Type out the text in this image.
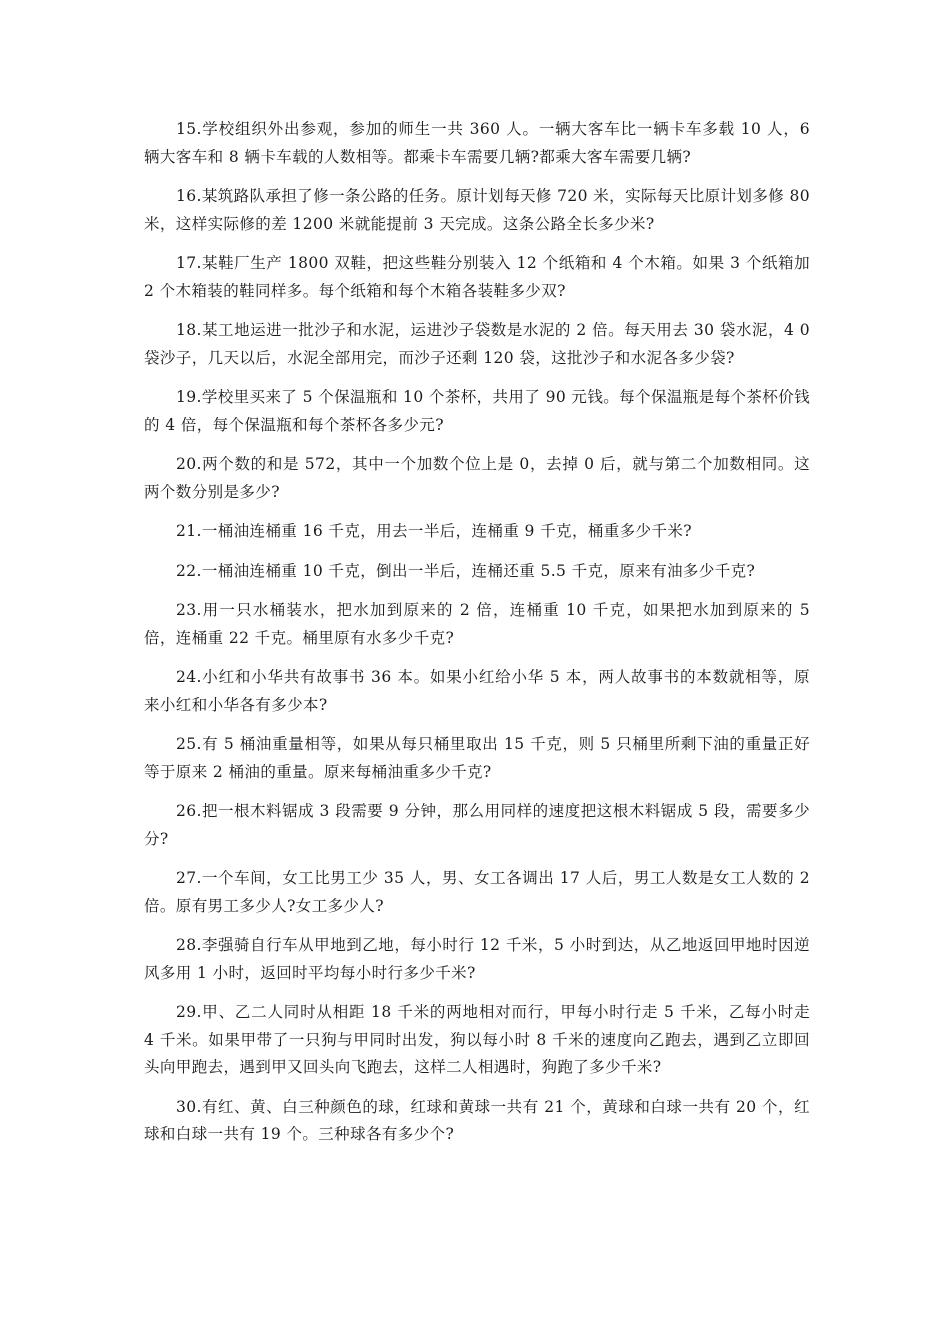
15.学校组织外出参观，参加的师生一共 360 人。一辆大客车比一辆卡车多载 10 人，6 辆大客车和 8 辆卡车载的人数相等。都乘卡车需要几辆?都乘大客车需要几辆?

16.某筑路队承担了修一条公路的任务。原计划每天修 720 米，实际每天比原计划多修 80 米，这样实际修的差 1200 米就能提前 3 天完成。这条公路全长多少米?

17.某鞋厂生产 1800 双鞋，把这些鞋分别装入 12 个纸箱和 4 个木箱。如果 3 个纸箱加 2 个木箱装的鞋同样多。每个纸箱和每个木箱各装鞋多少双?

18.某工地运进一批沙子和水泥，运进沙子袋数是水泥的 2 倍。每天用去 30 袋水泥，4 0 袋沙子，几天以后，水泥全部用完，而沙子还剩 120 袋，这批沙子和水泥各多少袋?

19.学校里买来了 5 个保温瓶和 10 个茶杯，共用了 90 元钱。每个保温瓶是每个茶杯价钱的 4 倍，每个保温瓶和每个茶杯各多少元?

20.两个数的和是 572，其中一个加数个位上是 0，去掉 0 后，就与第二个加数相同。这两个数分别是多少?

21.一桶油连桶重 16 千克，用去一半后，连桶重 9 千克，桶重多少千米?

22.一桶油连桶重 10 千克，倒出一半后，连桶还重 5.5 千克，原来有油多少千克?

23.用一只水桶装水，把水加到原来的 2 倍，连桶重 10 千克，如果把水加到原来的 5 倍，连桶重 22 千克。桶里原有水多少千克?

24.小红和小华共有故事书 36 本。如果小红给小华 5 本，两人故事书的本数就相等，原来小红和小华各有多少本?

25.有 5 桶油重量相等，如果从每只桶里取出 15 千克，则 5 只桶里所剩下油的重量正好等于原来 2 桶油的重量。原来每桶油重多少千克?

26.把一根木料锯成 3 段需要 9 分钟，那么用同样的速度把这根木料锯成 5 段，需要多少分?

27.一个车间，女工比男工少 35 人，男、女工各调出 17 人后，男工人数是女工人数的 2 倍。原有男工多少人?女工多少人?

28.李强骑自行车从甲地到乙地，每小时行 12 千米，5 小时到达，从乙地返回甲地时因逆风多用 1 小时，返回时平均每小时行多少千米?

29.甲、乙二人同时从相距 18 千米的两地相对而行，甲每小时行走 5 千米，乙每小时走 4 千米。如果甲带了一只狗与甲同时出发，狗以每小时 8 千米的速度向乙跑去，遇到乙立即回头向甲跑去，遇到甲又回头向飞跑去，这样二人相遇时，狗跑了多少千米?

30.有红、黄、白三种颜色的球，红球和黄球一共有 21 个，黄球和白球一共有 20 个，红球和白球一共有 19 个。三种球各有多少个?
